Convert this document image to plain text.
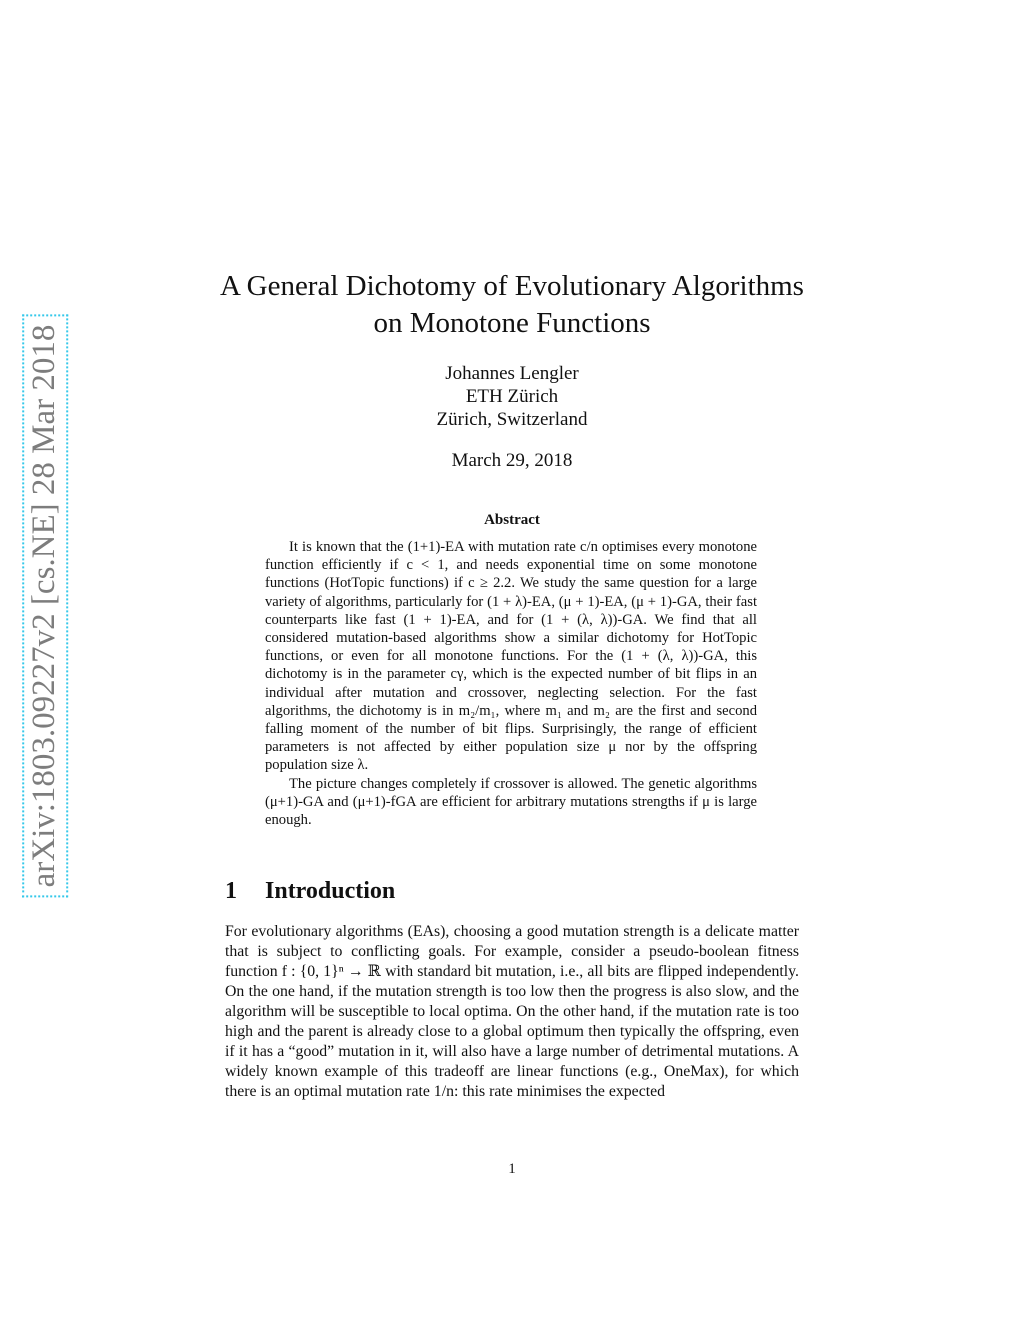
arXiv:1803.09227v2 [cs.NE] 28 Mar 2018
A General Dichotomy of Evolutionary Algorithms
on Monotone Functions
Johannes Lengler
ETH Zürich
Zürich, Switzerland
March 29, 2018
Abstract

It is known that the (1+1)-EA with mutation rate c/n optimises every monotone function efficiently if c < 1, and needs exponential time on some monotone functions (HotTopic functions) if c ≥ 2.2. We study the same question for a large variety of algorithms, particularly for (1 + λ)-EA, (μ + 1)-EA, (μ + 1)-GA, their fast counterparts like fast (1 + 1)-EA, and for (1 + (λ, λ))-GA. We find that all considered mutation-based algorithms show a similar dichotomy for HotTopic functions, or even for all monotone functions. For the (1 + (λ, λ))-GA, this dichotomy is in the parameter cγ, which is the expected number of bit flips in an individual after mutation and crossover, neglecting selection. For the fast algorithms, the dichotomy is in m₂/m₁, where m₁ and m₂ are the first and second falling moment of the number of bit flips. Surprisingly, the range of efficient parameters is not affected by either population size μ nor by the offspring population size λ.

The picture changes completely if crossover is allowed. The genetic algorithms (μ+1)-GA and (μ+1)-fGA are efficient for arbitrary mutations strengths if μ is large enough.

1 Introduction

For evolutionary algorithms (EAs), choosing a good mutation strength is a delicate matter that is subject to conflicting goals. For example, consider a pseudo-boolean fitness function f : {0, 1}ⁿ → ℝ with standard bit mutation, i.e., all bits are flipped independently. On the one hand, if the mutation strength is too low then the progress is also slow, and the algorithm will be susceptible to local optima. On the other hand, if the mutation rate is too high and the parent is already close to a global optimum then typically the offspring, even if it has a “good” mutation in it, will also have a large number of detrimental mutations. A widely known example of this tradeoff are linear functions (e.g., OneMax), for which there is an optimal mutation rate 1/n: this rate minimises the expected

1
